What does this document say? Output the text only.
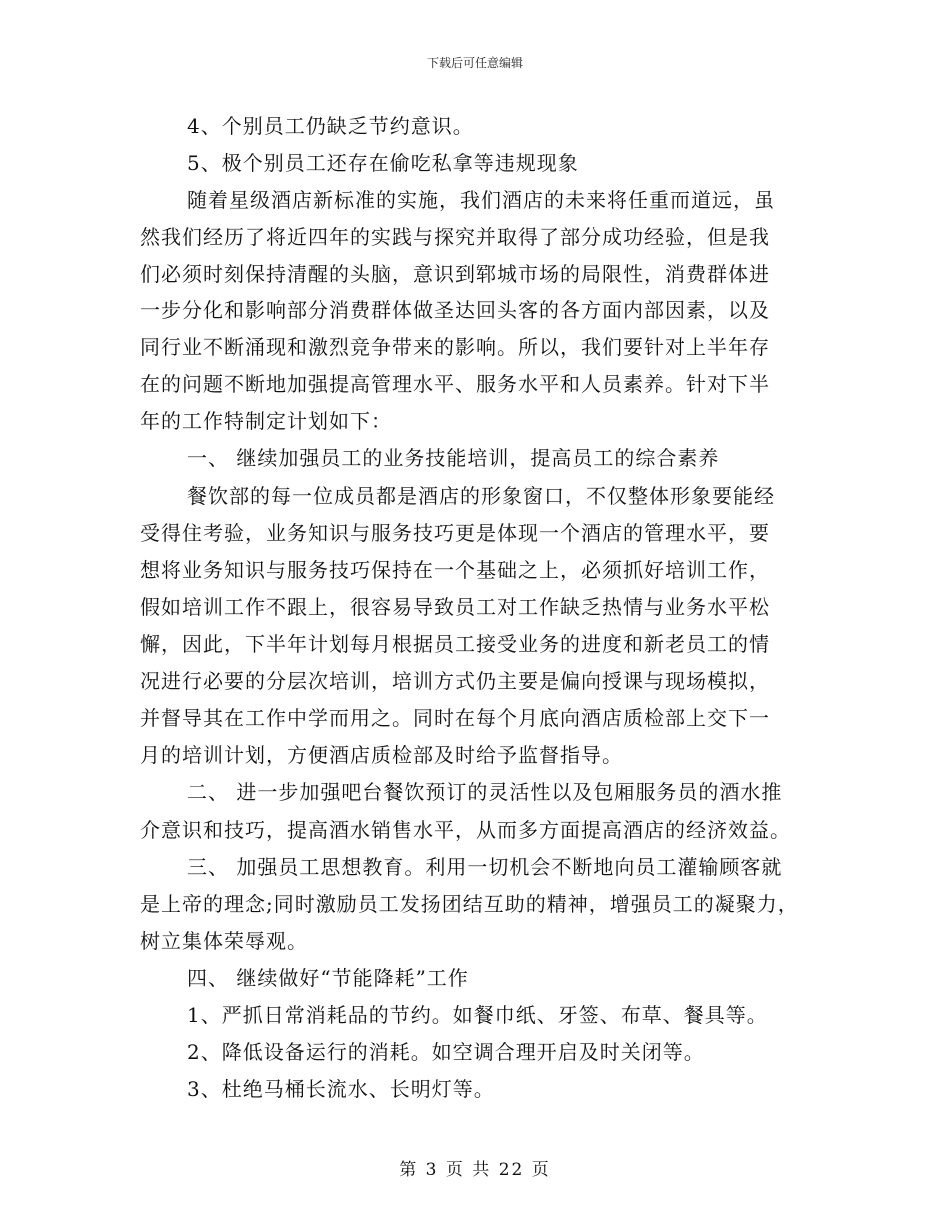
下载后可任意编辑
4、个别员工仍缺乏节约意识。
5、极个别员工还存在偷吃私拿等违规现象
随着星级酒店新标准的实施，我们酒店的未来将任重而道远，虽
然我们经历了将近四年的实践与探究并取得了部分成功经验，但是我
们必须时刻保持清醒的头脑，意识到郓城市场的局限性，消费群体进
一步分化和影响部分消费群体做圣达回头客的各方面内部因素，以及
同行业不断涌现和激烈竞争带来的影响。所以，我们要针对上半年存
在的问题不断地加强提高管理水平、服务水平和人员素养。针对下半
年的工作特制定计划如下：
一、 继续加强员工的业务技能培训，提高员工的综合素养
餐饮部的每一位成员都是酒店的形象窗口，不仅整体形象要能经
受得住考验，业务知识与服务技巧更是体现一个酒店的管理水平，要
想将业务知识与服务技巧保持在一个基础之上，必须抓好培训工作，
假如培训工作不跟上，很容易导致员工对工作缺乏热情与业务水平松
懈，因此，下半年计划每月根据员工接受业务的进度和新老员工的情
况进行必要的分层次培训，培训方式仍主要是偏向授课与现场模拟，
并督导其在工作中学而用之。同时在每个月底向酒店质检部上交下一
月的培训计划，方便酒店质检部及时给予监督指导。
二、 进一步加强吧台餐饮预订的灵活性以及包厢服务员的酒水推
介意识和技巧，提高酒水销售水平，从而多方面提高酒店的经济效益。
三、 加强员工思想教育。利用一切机会不断地向员工灌输顾客就
是上帝的理念;同时激励员工发扬团结互助的精神，增强员工的凝聚力，
树立集体荣辱观。
四、 继续做好“节能降耗”工作
1、严抓日常消耗品的节约。如餐巾纸、牙签、布草、餐具等。
2、降低设备运行的消耗。如空调合理开启及时关闭等。
3、杜绝马桶长流水、长明灯等。
第 3 页 共 22 页
